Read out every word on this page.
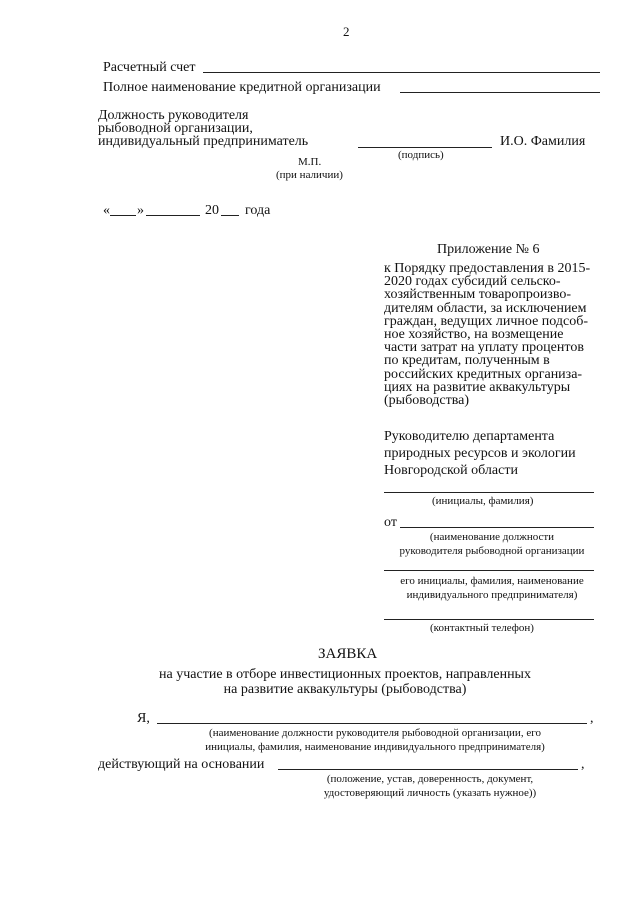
2
Расчетный счет
Полное наименование кредитной организации
Должность руководителя
рыбоводной организации,
индивидуальный предприниматель
(подпись)
И.О. Фамилия
М.П.
(при наличии)
« »	20 года
Приложение № 6
к Порядку предоставления в 2015-
2020 годах субсидий сельско-
хозяйственным товаропроизво-
дителям области, за исключением
граждан, ведущих личное подсоб-
ное хозяйство, на возмещение
части затрат на уплату процентов
по кредитам, полученным в
российских кредитных организа-
циях на развитие аквакультуры
(рыбоводства)
Руководителю департамента
природных ресурсов и экологии
Новгородской области
(инициалы, фамилия)
от
(наименование должности
руководителя рыбоводной организации
его инициалы, фамилия, наименование
индивидуального предпринимателя)
(контактный телефон)
ЗАЯВКА
на участие в отборе инвестиционных проектов, направленных
на развитие аквакультуры (рыбоводства)
Я,	,
(наименование должности руководителя рыбоводной организации, его
инициалы, фамилия, наименование индивидуального предпринимателя)
действующий на основании	,
(положение, устав, доверенность, документ,
удостоверяющий личность (указать нужное))
